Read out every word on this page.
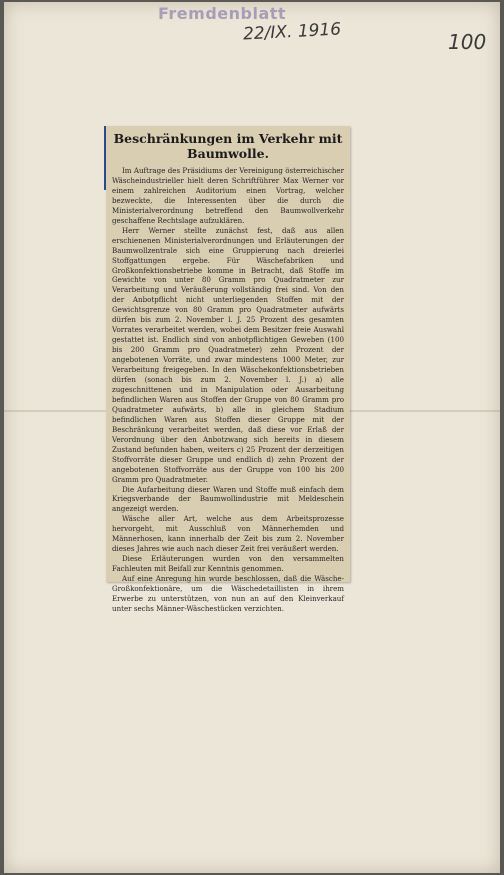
Fremdenblatt
22/IX. 1916	100
Beschränkungen im Verkehr mit Baumwolle.

Im Auftrage des Präsidiums der Vereinigung österreichischer Wäscheindustrieller hielt deren Schriftführer Max Werner vor einem zahlreichen Auditorium einen Vortrag, welcher bezweckte, die Interessenten über die durch die Ministerialverordnung betreffend den Baumwollverkehr geschaffene Rechtslage aufzuklären.

Herr Werner stellte zunächst fest, daß aus allen erschienenen Ministerialverordnungen und Erläuterungen der Baumwollzentrale sich eine Gruppierung nach dreierlei Stoffgattungen ergebe. Für Wäschefabriken und Großkonfektionsbetriebe komme in Betracht, daß Stoffe im Gewichte von unter 80 Gramm pro Quadratmeter zur Verarbeitung und Veräußerung vollständig frei sind. Von den der Anbotpflicht nicht unterliegenden Stoffen mit der Gewichtsgrenze von 80 Gramm pro Quadratmeter aufwärts dürfen bis zum 2. November l. J. 25 Prozent des gesamten Vorrates verarbeitet werden, wobei dem Besitzer freie Auswahl gestattet ist. Endlich sind von anbotpflichtigen Geweben (100 bis 200 Gramm pro Quadratmeter) zehn Prozent der angebotenen Vorräte, und zwar mindestens 1000 Meter, zur Verarbeitung freigegeben. In den Wäschekonfektionsbetrieben dürfen (sonach bis zum 2. November l. J.) a) alle zugeschnittenen und in Manipulation oder Ausarbeitung befindlichen Waren aus Stoffen der Gruppe von 80 Gramm pro Quadratmeter aufwärts, b) alle in gleichem Stadium befindlichen Waren aus Stoffen dieser Gruppe mit der Beschränkung verarbeitet werden, daß diese vor Erlaß der Verordnung über den Anbotzwang sich bereits in diesem Zustand befunden haben, weiters c) 25 Prozent der derzeitigen Stoffvorräte dieser Gruppe und endlich d) zehn Prozent der angebotenen Stoffvorräte aus der Gruppe von 100 bis 200 Gramm pro Quadratmeter.

Die Aufarbeitung dieser Waren und Stoffe muß einfach dem Kriegsverbande der Baumwollindustrie mit Meldeschein angezeigt werden.

Wäsche aller Art, welche aus dem Arbeitsprozesse hervorgeht, mit Ausschluß von Männerhemden und Männerhosen, kann innerhalb der Zeit bis zum 2. November dieses Jahres wie auch nach dieser Zeit frei veräußert werden.

Diese Erläuterungen wurden von den versammelten Fachleuten mit Beifall zur Kenntnis genommen.

Auf eine Anregung hin wurde beschlossen, daß die Wäsche-Großkonfektionäre, um die Wäschedetaillisten in ihrem Erwerbe zu unterstützen, von nun an auf den Kleinverkauf unter sechs Männer-Wäschestücken verzichten.
